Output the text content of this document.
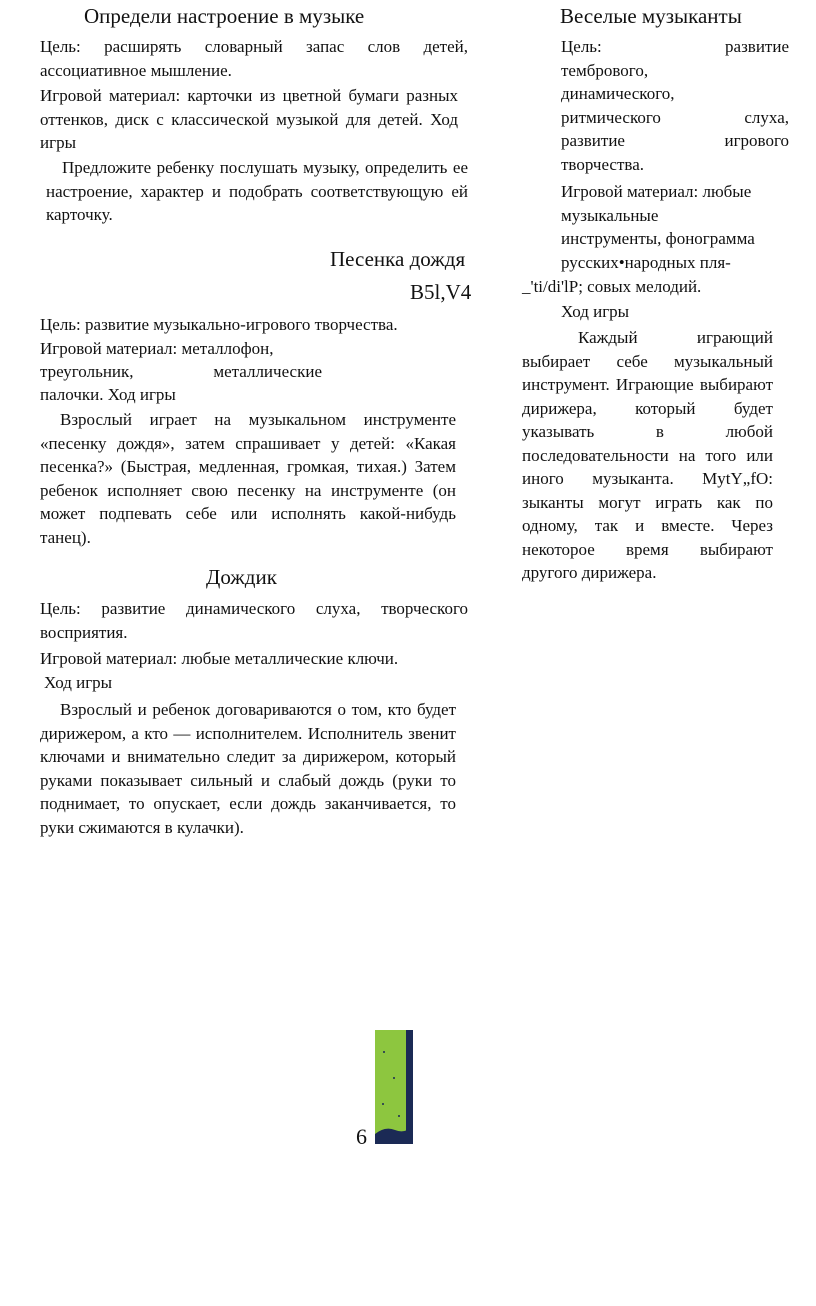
Определи настроение в музыке

Цель: расширять словарный запас слов детей, ассоциативное мышление.

Игровой материал: карточки из цветной бумаги разных оттенков, диск с классической музыкой для детей. Ход игры

Предложите ребенку послушать музыку, определить ее настроение, характер и подобрать соответствующую ей карточку.

Песенка дождя
B5l,V4

Цель: развитие музыкально-игрового творчества.

Игровой материал: металлофон,

треугольник,	металлические

палочки. Ход игры

Взрослый играет на музыкальном инструменте «песенку дождя», затем спрашивает у детей: «Какая песенка?» (Быстрая, медленная, громкая, тихая.) Затем ребенок исполняет свою песенку на инструменте (он может подпевать себе или исполнять какой-нибудь танец).

Дождик

Цель: развитие динамического слуха, творческого восприятия.

Игровой материал: любые металлические ключи.

Ход игры

Взрослый и ребенок договариваются о том, кто будет дирижером, а кто — исполнителем. Исполнитель звенит ключами и внимательно следит за дирижером, который руками показывает сильный и слабый дождь (руки то поднимает, то опускает, если дождь заканчивается, то руки сжимаются в кулачки).

Веселые музыканты
Цель:	развитие
тембрового,
динамического,
ритмического	слуха,
развитие	игрового
творчества.
Игровой материал: любые
музыкальные
инструменты, фонограмма
русских•народных пля-
_'ti/di'lP; совых мелодий.
Ход игры

Каждый играющий выбирает себе музыкальный инструмент. Играющие выбирают дирижера, который будет указывать в любой последовательности на того или иного музыканта. MytY„fO: зыканты могут играть как по одному, так и вместе. Через некоторое время выбирают другого дирижера.

6
